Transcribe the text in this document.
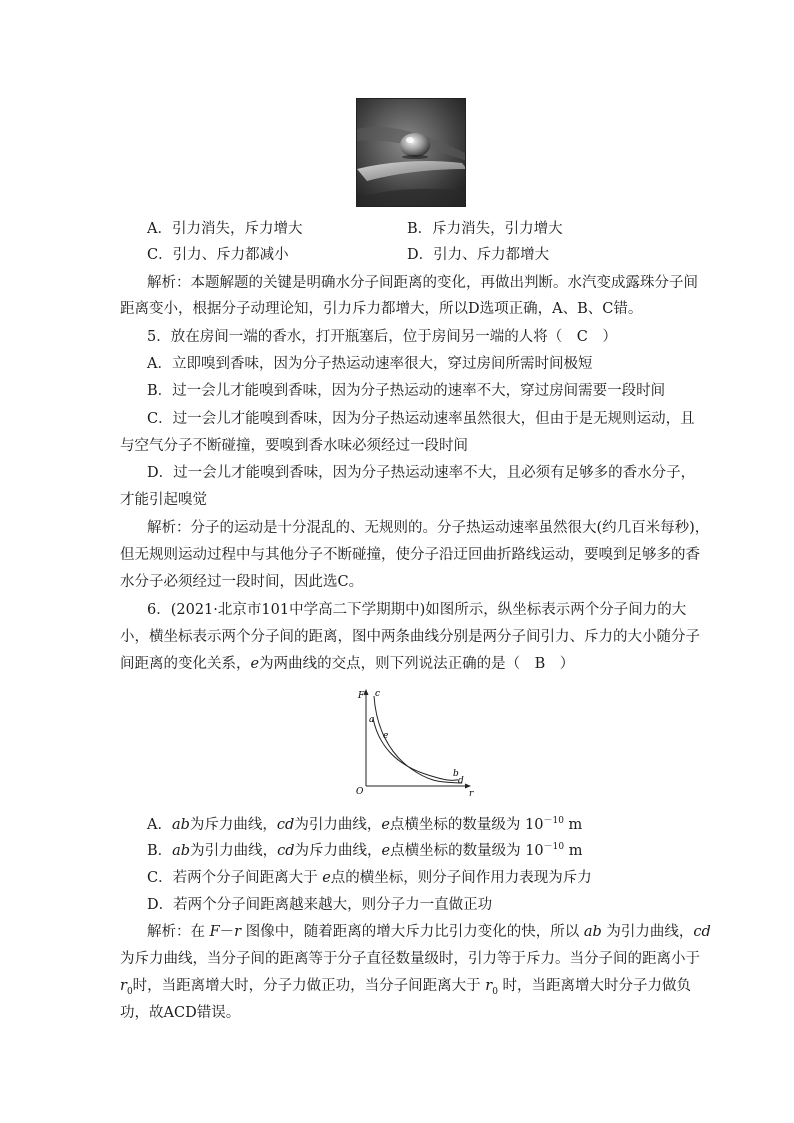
A．引力消失，斥力增大	B．斥力消失，引力增大
C．引力、斥力都减小	D．引力、斥力都增大
解析：本题解题的关键是明确水分子间距离的变化，再做出判断。水汽变成露珠分子间
距离变小，根据分子动理论知，引力斥力都增大，所以D选项正确，A、B、C错。
5．放在房间一端的香水，打开瓶塞后，位于房间另一端的人将（　C　）
A．立即嗅到香味，因为分子热运动速率很大，穿过房间所需时间极短
B．过一会儿才能嗅到香味，因为分子热运动的速率不大，穿过房间需要一段时间
C．过一会儿才能嗅到香味，因为分子热运动速率虽然很大，但由于是无规则运动，且
与空气分子不断碰撞，要嗅到香水味必须经过一段时间
D．过一会儿才能嗅到香味，因为分子热运动速率不大，且必须有足够多的香水分子，
才能引起嗅觉
解析：分子的运动是十分混乱的、无规则的。分子热运动速率虽然很大(约几百米每秒)，
但无规则运动过程中与其他分子不断碰撞，使分子沿迂回曲折路线运动，要嗅到足够多的香
水分子必须经过一段时间，因此选C。
6．(2021·北京市101中学高二下学期期中)如图所示，纵坐标表示两个分子间力的大
小，横坐标表示两个分子间的距离，图中两条曲线分别是两分子间引力、斥力的大小随分子
间距离的变化关系，e为两曲线的交点，则下列说法正确的是（　B　）
F
r
O
a
b
c
d
e
A．ab为斥力曲线，cd为引力曲线，e点横坐标的数量级为 $10^{-10}$ m
B．ab为引力曲线，cd为斥力曲线，e点横坐标的数量级为 $10^{-10}$ m
C．若两个分子间距离大于 e点的横坐标，则分子间作用力表现为斥力
D．若两个分子间距离越来越大，则分子力一直做正功
解析：在 F－r 图像中，随着距离的增大斥力比引力变化的快，所以 ab 为引力曲线，cd
为斥力曲线，当分子间的距离等于分子直径数量级时，引力等于斥力。当分子间的距离小于
$r_0$时，当距离增大时，分子力做正功，当分子间距离大于 $r_0$ 时，当距离增大时分子力做负
功，故ACD错误。
